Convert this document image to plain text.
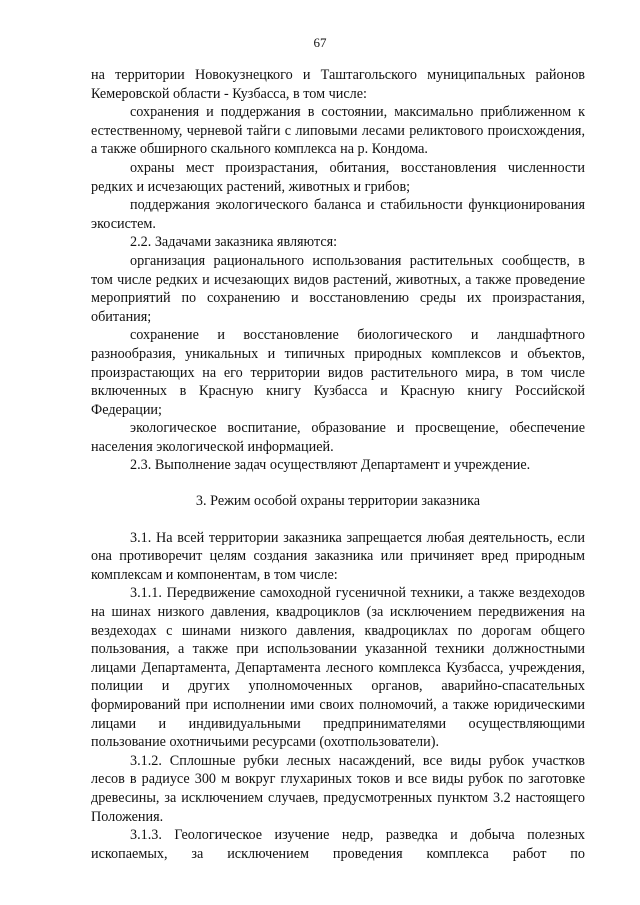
67

на территории Новокузнецкого и Таштагольского муниципальных районов Кемеровской области - Кузбасса, в том числе:

сохранения и поддержания в состоянии, максимально приближенном к естественному, черневой тайги с липовыми лесами реликтового происхождения, а также обширного скального комплекса на р. Кондома.

охраны мест произрастания, обитания, восстановления численности редких и исчезающих растений, животных и грибов;

поддержания экологического баланса и стабильности функционирования экосистем.

2.2. Задачами заказника являются:

организация рационального использования растительных сообществ, в том числе редких и исчезающих видов растений, животных, а также проведение мероприятий по сохранению и восстановлению среды их произрастания, обитания;

сохранение и восстановление биологического и ландшафтного разнообразия, уникальных и типичных природных комплексов и объектов, произрастающих на его территории видов растительного мира, в том числе включенных в Красную книгу Кузбасса и Красную книгу Российской Федерации;

экологическое воспитание, образование и просвещение, обеспечение населения экологической информацией.

2.3. Выполнение задач осуществляют Департамент и учреждение.

3. Режим особой охраны территории заказника

3.1. На всей территории заказника запрещается любая деятельность, если она противоречит целям создания заказника или причиняет вред природным комплексам и компонентам, в том числе:

3.1.1. Передвижение самоходной гусеничной техники, а также вездеходов на шинах низкого давления, квадроциклов (за исключением передвижения на вездеходах с шинами низкого давления, квадроциклах по дорогам общего пользования, а также при использовании указанной техники должностными лицами Департамента, Департамента лесного комплекса Кузбасса, учреждения, полиции и других уполномоченных органов, аварийно-спасательных формирований при исполнении ими своих полномочий, а также юридическими лицами и индивидуальными предпринимателями осуществляющими пользование охотничьими ресурсами (охотпользователи).

3.1.2. Сплошные рубки лесных насаждений, все виды рубок участков лесов в радиусе 300 м вокруг глухариных токов и все виды рубок по заготовке древесины, за исключением случаев, предусмотренных пунктом 3.2 настоящего Положения.

3.1.3. Геологическое изучение недр, разведка и добыча полезных ископаемых, за исключением проведения комплекса работ по
